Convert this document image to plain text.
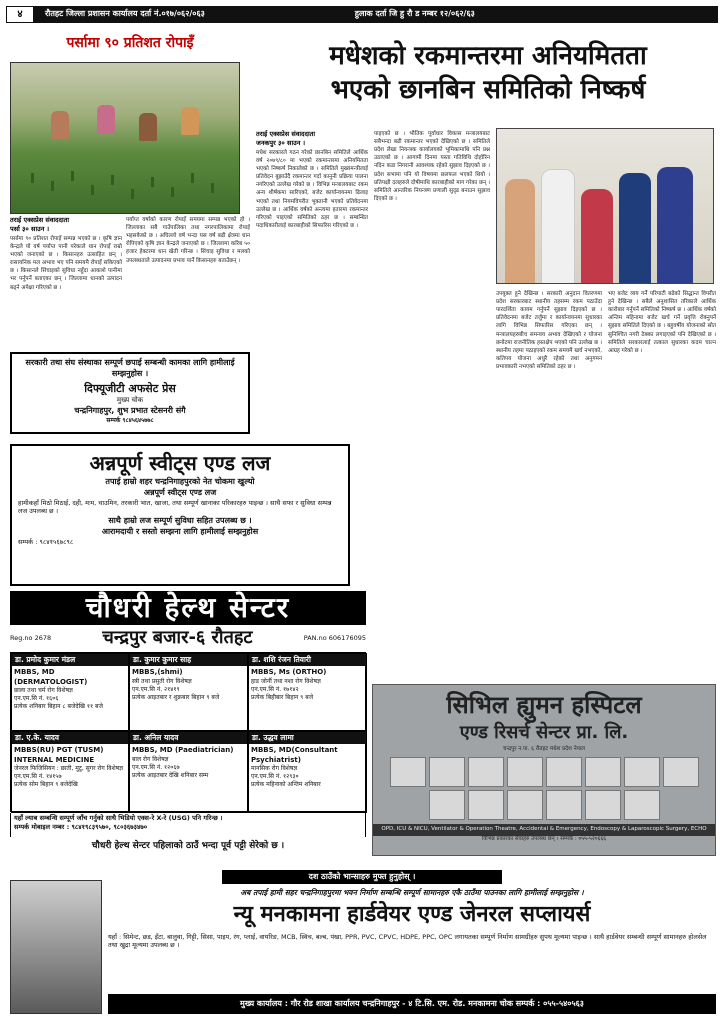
४	रौतहट जिल्ला प्रशासन कार्यालय दर्ता नं.०१७/०६२/०६३	हुलाक दर्ता जि हु रौ ड नम्बर १२/०६२/६३
पर्सामा ९० प्रतिशत रोपाइँ	मधेशको रकमान्तरमा अनियमितता
भएको छानबिन समितिको निष्कर्ष
तराई एक्सप्रेस संवाददाता
पर्सा ३० साउन ।
पर्सामा ९० प्रतिशत रोपाइँ सम्पन्न भएको छ । कृषि ज्ञान केन्द्रले यो वर्ष पर्याप्त पानी परेकाले धान रोपाइँ राम्रो भएको जनाएको छ । किसानहरु उत्साहित छन् । रासायनिक मल अभाव भए पनि समयमै रोपाइँ सकिएको छ । किसानले सिंचाइको सुविधा नहुँदा आकाशे पानीमा भर पर्नुपर्ने बताएका छन् । जिल्लामा धानको उत्पादन बढ्ने अपेक्षा गरिएको छ ।
पर्याप्त वर्षाको कारण रोपाइँ समयमा सम्पन्न भएको हो । जिल्लाका सबै गाउँपालिका तथा नगरपालिकामा रोपाइँ भइसकेको छ । अघिल्लो वर्ष भन्दा यस वर्ष बढी क्षेत्रमा धान रोपिएको कृषि ज्ञान केन्द्रले जनाएको छ । जिल्लामा करिब ५० हजार हेक्टरमा धान खेती गरिन्छ । सिंचाइ सुविधा र मलको उपलब्धताले उत्पादनमा प्रभाव पार्ने किसानहरु बताउँछन् ।
तराई एक्सप्रेस संवाददाता
जनकपुर ३० साउन ।
मधेश सरकारले गठन गरेको छानबिन समितिले आर्थिक वर्ष २०७९/८० मा भएको रकमान्तरमा अनियमितता भएको निष्कर्ष निकालेको छ । समितिले मुख्यमन्त्रीलाई प्रतिवेदन बुझाउँदै रकमान्तर गर्दा कानुनी प्रक्रिया पालना नगरिएको उल्लेख गरेको छ । विभिन्न मन्त्रालयबाट रकम अन्य शीर्षकमा सारिएको, बजेट कार्यान्वयनमा ढिलाइ भएको तथा नियमविपरीत भुक्तानी भएको प्रतिवेदनमा उल्लेख छ । आर्थिक वर्षको अन्त्यमा हतारमा रकमान्तर गरिएको पाइएको समितिको ठहर छ । सम्बन्धित पदाधिकारीलाई कारबाहीको सिफारिस गरिएको छ ।
पाइएको छ । भौतिक पूर्वाधार विकास मन्त्रालयबाट सबैभन्दा बढी रकमान्तर भएको देखिएको छ । समितिले प्रदेश लेखा नियन्त्रक कार्यालयको भूमिकामाथि पनि प्रश्न उठाएको छ । आगामी दिनमा यस्ता गतिविधि दोहोरिन नदिन कडा निगरानी आवश्यक रहेको सुझाव दिइएको छ । प्रदेश सभामा पनि यो विषयमा छलफल भएको थियो । प्रतिपक्षी दलहरुले दोषीमाथि कारबाहीको माग गरेका छन् । समितिले आन्तरिक नियन्त्रण प्रणाली सुदृढ बनाउन सुझाव दिएको छ ।
उपयुक्त हुने देखिन्छ । सरकारी अनुदान वितरणमा प्रदेश सरकारबाट स्थानीय तहसम्म रकम पठाउँदा पारदर्शिता कायम गर्नुपर्ने सुझाव दिइएको छ । प्रतिवेदनमा बजेट तर्जुमा र कार्यान्वयनमा सुधारका लागि विभिन्न सिफारिस गरिएका छन् । मन्त्रालयहरुबीच समन्वय अभाव देखिएको र योजना छनोटमा राजनीतिक हस्तक्षेप भएको पनि उल्लेख छ । स्थानीय तहमा पठाइएको रकम समयमै खर्च नभएको, कतिपय योजना अधुरै रहेको तथा अनुगमन प्रभावकारी नभएको समितिको ठहर छ ।
भए बजेट व्यय गर्ने परिपाटी बढेको सिद्धान्त विपरीत हुने देखिन्छ । सबैले अनुशासित तरिकाले आर्थिक कारोबार गर्नुपर्ने समितिको निष्कर्ष छ । आर्थिक वर्षको अन्तिम महिनामा बजेट खर्च गर्ने प्रवृत्ति रोक्नुपर्ने सुझाव समितिले दिएको छ । बहुवर्षीय योजनाको स्रोत सुनिश्चित नगरी ठेक्का लगाइएको पनि देखिएको छ । समितिले सरकारलाई तत्काल सुधारका कदम चाल्न आग्रह गरेको छ ।
सरकारी तथा संघ संस्थाका सम्पूर्ण छपाई सम्बन्धी कामका लागि हामीलाई सम्झनुहोस ।
दिफ्यूजीटी अफसेट प्रेस
मुख्य चोक
चन्द्रनिगाहपुर, शुभ प्रभात स्टेसनरी संगै
सम्पर्क ९८४५६४५७७८
अन्नपूर्ण स्वीट्स एण्ड लज
तपाई हाम्रो शहर चन्द्रनिगाहपुरको नेत चोकमा खुल्यो
अन्नपूर्ण स्वीट्स एण्ड लज
हामीकहाँ मिठो मिठाई, दही, मःम, चाउमिन, तरकारी भात, खाजा, तथा सम्पूर्ण खानाका परिकारहरु पाइन्छ । साथै सफा र सुविधा सम्पन्न लज उपलब्ध छ ।
साथै हाम्रो लज सम्पूर्ण सुविधा सहित उपलब्ध छ ।
आरामदायी र सस्तो सम्झना लागि हामीलाई सम्झनुहोस
सम्पर्क : ९८४१५६७८९८
चौधरी हेल्थ सेन्टर
Reg.no 2678	चन्द्रपुर बजार-६ रौतहट	PAN.no 606176095
डा. प्रमोद कुमार मंडल
MBBS, MD (DERMATOLOGIST)
छाला तथा चर्म रोग विशेषज्ञ
एन.एम.सि नं. १६०६
प्रत्येक शनिबार बिहान ८ बजेदेखि ११ बजे
डा. कुमार कुमार साह
MBBS,(shmi)
स्त्री तथा प्रसुती रोग विशेषज्ञ
एन.एम.सि नं. २१४१९
प्रत्येक आइतबार र शुक्रबार बिहान ९ बजे
डा. शशि रंजन तिवारी
MBBS, Ms (ORTHO)
हाड जोर्नी तथा नशा रोग विशेषज्ञ
एन.एम.सि नं. १७१४२
प्रत्येक बिहीबार बिहान ९ बजे
डा. ए.के. यादव
MBBS(RU) PGT (TUSM) INTERNAL MEDICINE
जेनरल फिजिसियन : छाती, मुटु, सुगर रोग विशेषज्ञ
एन.एम.सि नं. १४१५७
प्रत्येक सोम बिहान ९ बजेदेखि
डा. अनिल यादव
MBBS, MD (Paediatrician)
बाल रोग विशेषज्ञ
एन.एम.सि नं. १२०६७
प्रत्येक आइतबार देखि शनिबार सम्म
डा. उद्धव लामा
MBBS, MD(Consultant Psychiatrist)
मानसिक रोग विशेषज्ञ
एन.एम.सि नं. १२९३०
प्रत्येक महिनाको अन्तिम शनिबार
यहाँ ल्याब सम्बन्धि सम्पूर्ण जाँच गर्नुको साथै भिडियो एक्स-रे X-रे (USG) पनि गरिन्छ ।
सम्पर्क मोबाइल नम्बर : ९८४१९८३९५७०, ९८०३६७३४७०
चौधरी हेल्थ सेन्टर पहिलाको ठाउँ भन्दा पूर्व पट्टी सेरेको छ ।
सिभिल ह्युमन हस्पिटल
एण्ड रिसर्च सेन्टर प्रा. लि.
चन्द्रपुर न.पा. ६ रौतहट मधेश प्रदेश नेपाल
OPD, ICU & NICU, Ventilator & Operation Theatre, Accidental & Emergency, Endoscopy & Laparoscopic Surgery, ECHO
विभिन्न प्रकारका सेवाहरु उपलब्ध छन् । सम्पर्क : ०५५-५२०६६६
दश ठाउँको भान्साहरु मुफ्त हुनुहोस् ।
अब तपाई हामी सहर चन्द्रनिगाहपुरमा भवन निर्माण सम्बन्धि सम्पूर्ण सामानहरु एकै ठाउँमा पाउनका लागि हामीलाई सम्झनुहोस ।
न्यू मनकामना हार्डवेयर एण्ड जेनरल सप्लायर्स
यहाँ : सिमेन्ट, छड, इँटा, बालुवा, गिट्टी, सिसा, पाइप, रंग, प्लाई, वायरिङ, MCB, स्विच, बल्ब, पंखा, PPR, PVC, CPVC, HDPE, PPC, OPC लगायतका सम्पूर्ण निर्माण सामग्रीहरु सुपथ मूल्यमा पाइन्छ । साथै हार्डवेयर सम्बन्धी सम्पूर्ण सामानहरु होलसेल तथा खुद्रा मूल्यमा उपलब्ध छ ।
मुख्य कार्यालय : गौर रोड शाखा कार्यालय चन्द्रनिगाहपुर - ४ टि.सि. एम. रोड. मनकामना चोक सम्पर्क : ०५५-५४०५६३
